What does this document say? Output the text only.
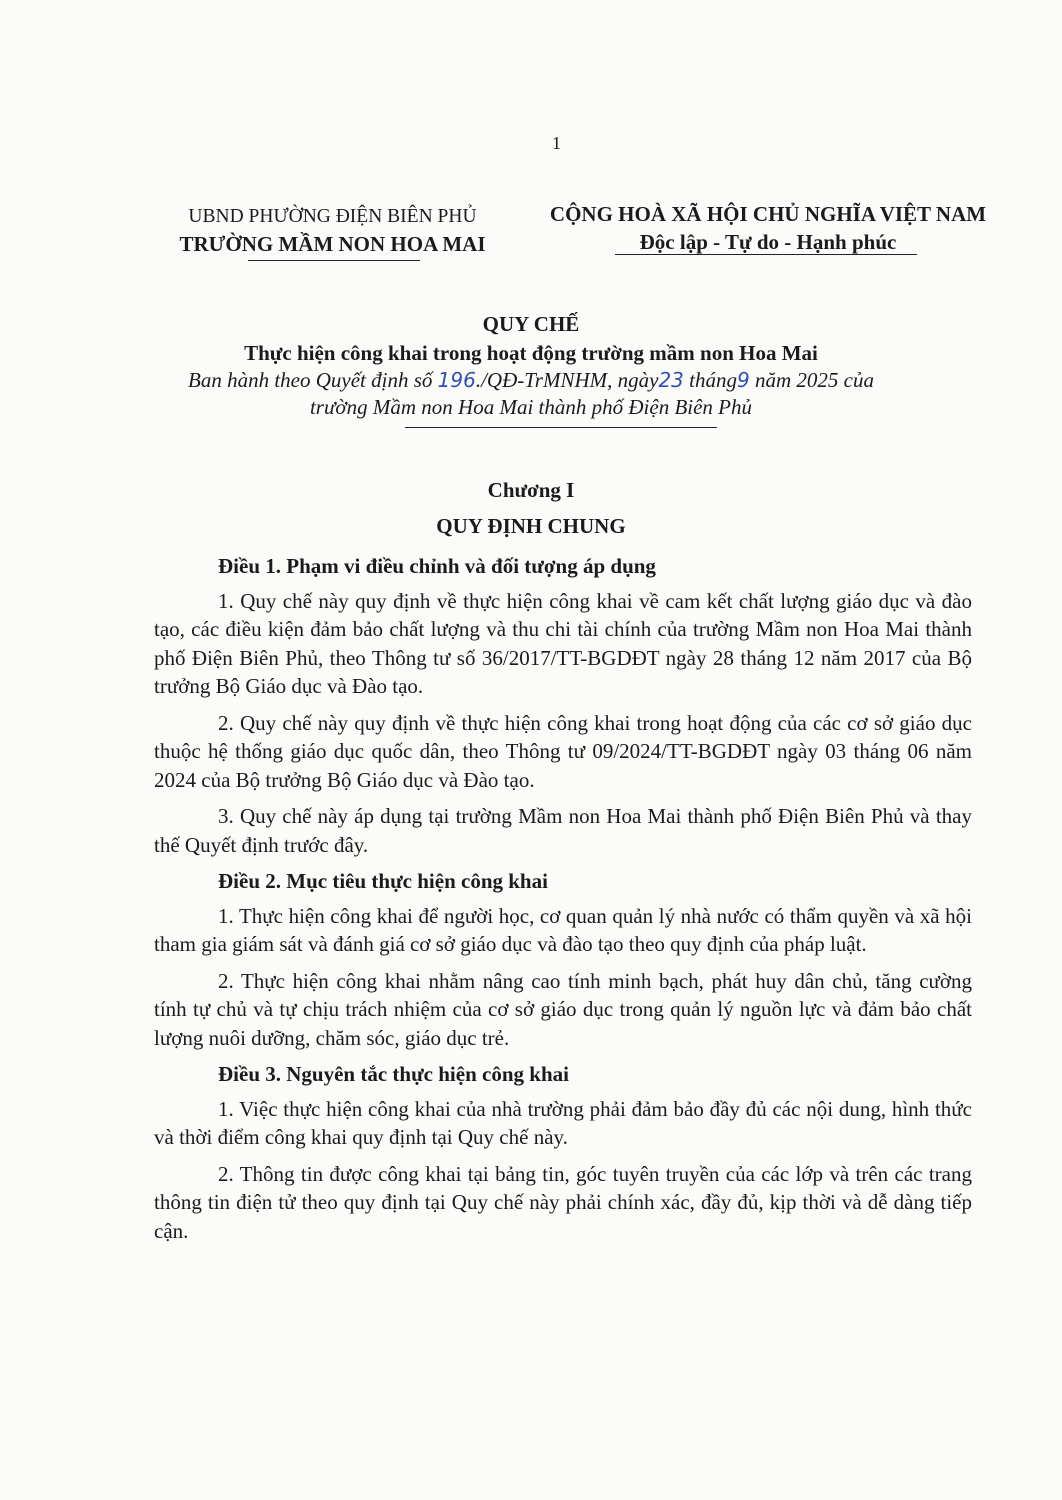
1
UBND PHƯỜNG ĐIỆN BIÊN PHỦ
TRƯỜNG MẦM NON HOA MAI
CỘNG HOÀ XÃ HỘI CHỦ NGHĨA VIỆT NAM
Độc lập - Tự do - Hạnh phúc
QUY CHẾ
Thực hiện công khai trong hoạt động trường mầm non Hoa Mai
Ban hành theo Quyết định số 196./QĐ-TrMNHM, ngày23 tháng9 năm 2025 của
trường Mầm non Hoa Mai thành phố Điện Biên Phủ
Chương I
QUY ĐỊNH CHUNG
Điều 1. Phạm vi điều chỉnh và đối tượng áp dụng

1. Quy chế này quy định về thực hiện công khai về cam kết chất lượng giáo dục và đào tạo, các điều kiện đảm bảo chất lượng và thu chi tài chính của trường Mầm non Hoa Mai thành phố Điện Biên Phủ, theo Thông tư số 36/2017/TT-BGDĐT ngày 28 tháng 12 năm 2017 của Bộ trưởng Bộ Giáo dục và Đào tạo.

2. Quy chế này quy định về thực hiện công khai trong hoạt động của các cơ sở giáo dục thuộc hệ thống giáo dục quốc dân, theo Thông tư 09/2024/TT-BGDĐT ngày 03 tháng 06 năm 2024 của Bộ trưởng Bộ Giáo dục và Đào tạo.

3. Quy chế này áp dụng tại trường Mầm non Hoa Mai thành phố Điện Biên Phủ và thay thế Quyết định trước đây.

Điều 2. Mục tiêu thực hiện công khai

1. Thực hiện công khai để người học, cơ quan quản lý nhà nước có thẩm quyền và xã hội tham gia giám sát và đánh giá cơ sở giáo dục và đào tạo theo quy định của pháp luật.

2. Thực hiện công khai nhằm nâng cao tính minh bạch, phát huy dân chủ, tăng cường tính tự chủ và tự chịu trách nhiệm của cơ sở giáo dục trong quản lý nguồn lực và đảm bảo chất lượng nuôi dưỡng, chăm sóc, giáo dục trẻ.

Điều 3. Nguyên tắc thực hiện công khai

1. Việc thực hiện công khai của nhà trường phải đảm bảo đầy đủ các nội dung, hình thức và thời điểm công khai quy định tại Quy chế này.

2. Thông tin được công khai tại bảng tin, góc tuyên truyền của các lớp và trên các trang thông tin điện tử theo quy định tại Quy chế này phải chính xác, đầy đủ, kịp thời và dễ dàng tiếp cận.
